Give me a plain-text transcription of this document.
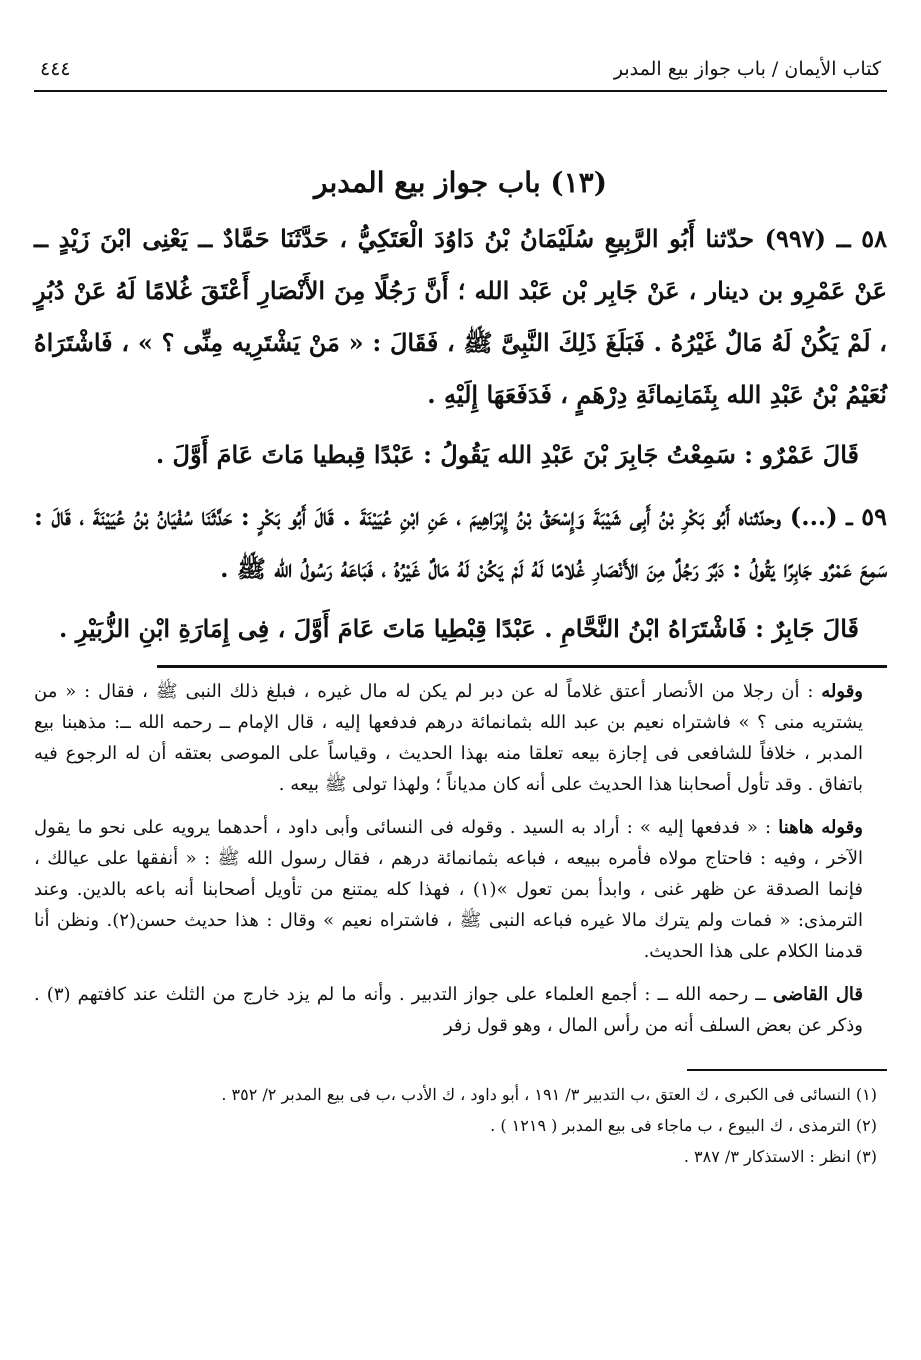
كتاب الأيمان / باب جواز بيع المدبر
٤٤٤
(١٣) باب جواز بيع المدبر

٥٨ ــ (٩٩٧) حدّثنا أَبُو الرَّبِيعِ سُلَيْمَانُ بْنُ دَاوُدَ الْعَتَكِيُّ ، حَدَّثَنَا حَمَّادٌ ــ يَعْنِى ابْنَ زَيْدٍ ــ عَنْ عَمْرِو بن دينار ، عَنْ جَابِر بْن عَبْد الله ؛ أَنَّ رَجُلًا مِنَ الأَنْصَارِ أَعْتَقَ غُلامًا لَهُ عَنْ دُبُرٍ ، لَمْ يَكُنْ لَهُ مَالٌ غَيْرُهُ . فَبَلَغَ ذَلِكَ النَّبِىَّ ﷺ ، فَقَالَ : « مَنْ يَشْتَرِيه مِنِّى ؟ » ، فَاشْتَرَاهُ نُعَيْمُ بْنُ عَبْدِ الله بِثَمَانِمائَةِ دِرْهَمٍ ، فَدَفَعَهَا إِلَيْهِ .

قَالَ عَمْرٌو : سَمِعْتُ جَابِرَ بْنَ عَبْدِ الله يَقُولُ : عَبْدًا قِبطيا مَاتَ عَامَ أَوَّلَ .

٥٩ ــ (...) وحدّثناه أَبُو بَكْرِ بْنُ أَبِى شَيْبَةَ وَإِسْحَقُ بْنُ إِبْرَاهِيمَ ، عَنِ ابْنِ عُيَيْنَةَ . قَالَ أَبُو بَكْرٍ : حَدَّثَنَا سُفْيَانُ بْنُ عُيَيْنَةَ ، قَالَ : سَمِعَ عَمْرٌو جَابِرًا يَقُولُ : دَبَّرَ رَجُلٌ مِنَ الأَنْصَارِ غُلامًا لَهُ لَمْ يَكُنْ لَهُ مَالٌ غَيْرُهُ ، فَبَاعَهُ رَسُولُ الله ﷺ .

قَالَ جَابِرٌ : فَاشْتَرَاهُ ابْنُ النَّحَّامِ . عَبْدًا قِبْطِيا مَاتَ عَامَ أَوَّلَ ، فِى إِمَارَةِ ابْنِ الزُّبَيْرِ .

وقوله : أن رجلا من الأنصار أعتق غلاماً له عن دبر لم يكن له مال غيره ، فبلغ ذلك النبى ﷺ ، فقال : « من يشتريه منى ؟ » فاشتراه نعيم بن عبد الله بثمانمائة درهم فدفعها إليه ، قال الإمام ــ رحمه الله ــ: مذهبنا بيع المدبر ، خلافاً للشافعى فى إجازة بيعه تعلقا منه بهذا الحديث ، وقياساً على الموصى بعتقه أن له الرجوع فيه باتفاق . وقد تأول أصحابنا هذا الحديث على أنه كان مدياناً ؛ ولهذا تولى ﷺ بيعه .

وقوله هاهنا : « فدفعها إليه » : أراد به السيد . وقوله فى النسائى وأبى داود ، أحدهما يرويه على نحو ما يقول الآخر ، وفيه : فاحتاج مولاه فأمره ببيعه ، فباعه بثمانمائة درهم ، فقال رسول الله ﷺ : « أنفقها على عيالك ، فإنما الصدقة عن ظهر غنى ، وابدأ بمن تعول »(١) ، فهذا كله يمتنع من تأويل أصحابنا أنه باعه بالدين. وعند الترمذى: « فمات ولم يترك مالا غيره فباعه النبى ﷺ ، فاشتراه نعيم » وقال : هذا حديث حسن(٢). ونظن أنا قدمنا الكلام على هذا الحديث.

قال القاضى ــ رحمه الله ــ : أجمع العلماء على جواز التدبير . وأنه ما لم يزد خارج من الثلث عند كافتهم (٣) . وذكر عن بعض السلف أنه من رأس المال ، وهو قول زفر

(١) النسائى فى الكبرى ، ك العتق ،ب التدبير ٣/ ١٩١ ، أبو داود ، ك الأدب ،ب فى بيع المدبر ٢/ ٣٥٢ .

(٢) الترمذى ، ك البيوع ، ب ماجاء فى بيع المدبر ( ١٢١٩ ) .

(٣) انظر : الاستذكار ٣/ ٣٨٧ .
